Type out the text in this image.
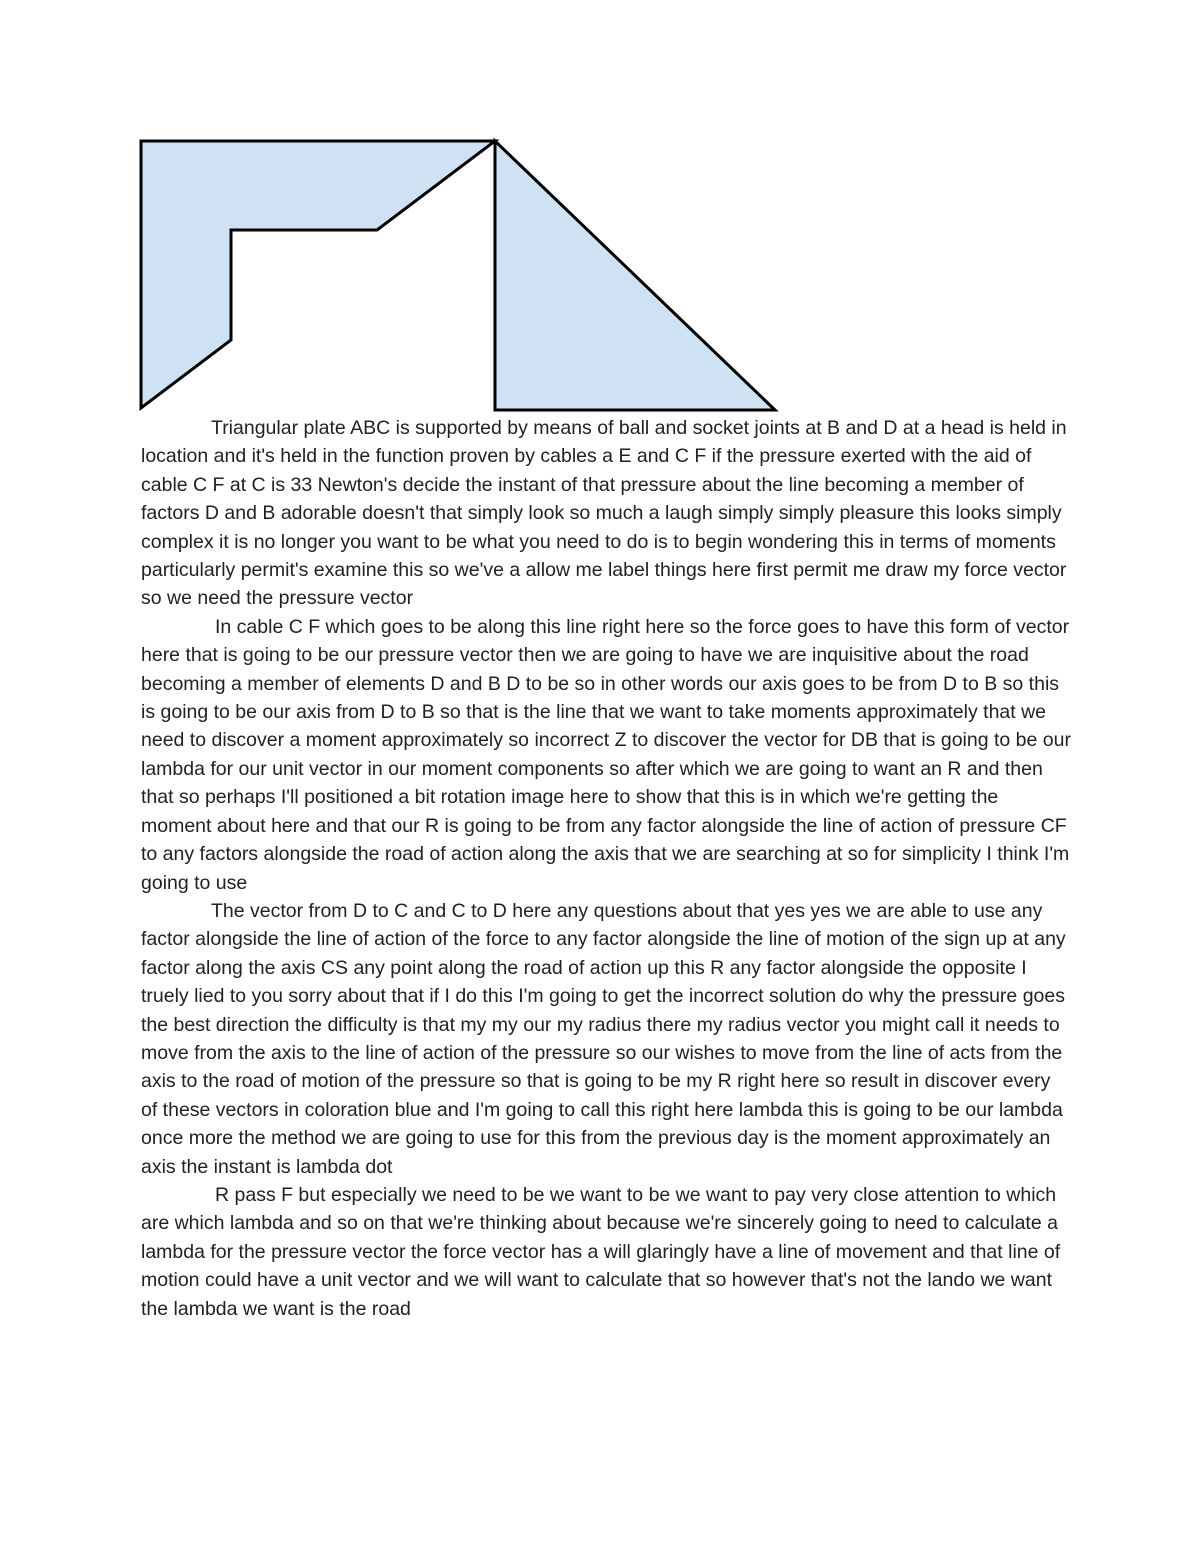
Triangular plate ABC is supported by means of ball and socket joints at B and D at a head is held in location and it's held in the function proven by cables a E and C F if the pressure exerted with the aid of cable C F at C is 33 Newton's decide the instant of that pressure about the line becoming a member of factors D and B adorable doesn't that simply look so much a laugh simply simply pleasure this looks simply complex it is no longer you want to be what you need to do is to begin wondering this in terms of moments particularly permit's examine this so we've a allow me label things here first permit me draw my force vector so we need the pressure vector

In cable C F which goes to be along this line right here so the force goes to have this form of vector here that is going to be our pressure vector then we are going to have we are inquisitive about the road becoming a member of elements D and B D to be so in other words our axis goes to be from D to B so this is going to be our axis from D to B so that is the line that we want to take moments approximately that we need to discover a moment approximately so incorrect Z to discover the vector for DB that is going to be our lambda for our unit vector in our moment components so after which we are going to want an R and then that so perhaps I'll positioned a bit rotation image here to show that this is in which we're getting the moment about here and that our R is going to be from any factor alongside the line of action of pressure CF to any factors alongside the road of action along the axis that we are searching at so for simplicity I think I'm going to use

The vector from D to C and C to D here any questions about that yes yes we are able to use any factor alongside the line of action of the force to any factor alongside the line of motion of the sign up at any factor along the axis CS any point along the road of action up this R any factor alongside the opposite I truely lied to you sorry about that if I do this I'm going to get the incorrect solution do why the pressure goes the best direction the difficulty is that my my our my radius there my radius vector you might call it needs to move from the axis to the line of action of the pressure so our wishes to move from the line of acts from the axis to the road of motion of the pressure so that is going to be my R right here so result in discover every of these vectors in coloration blue and I'm going to call this right here lambda this is going to be our lambda once more the method we are going to use for this from the previous day is the moment approximately an axis the instant is lambda dot

R pass F but especially we need to be we want to be we want to pay very close attention to which are which lambda and so on that we're thinking about because we're sincerely going to need to calculate a lambda for the pressure vector the force vector has a will glaringly have a line of movement and that line of motion could have a unit vector and we will want to calculate that so however that's not the lando we want the lambda we want is the road
